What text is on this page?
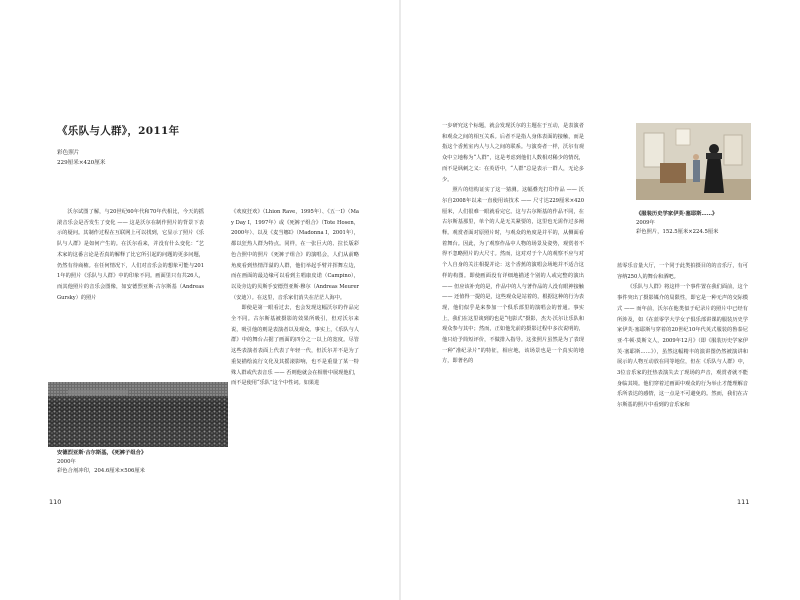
《乐队与人群》，2011年
彩色照片
229厘米×420厘米

沃尔试图了解，与20世纪60年代和70年代相比，今天的摇滚音乐会是否发生了变化 —— 这是沃尔在制作照片的背景下表示的疑问。其制作过程在互联网上可以找到，它显示了照片《乐队与人群》是如何产生的。在沃尔看来，并没有什么变化：“艺术家的这番言论是否真的解释了比它所引起的问题的更多问题，仍然有待商榷。在任何情况下，人们对音乐会的想象可能与2011年的照片《乐队与人群》中的印象不同。画面里只有共26人，而其他照片的音乐会图像，如安德烈亚斯·古尔斯基（Andreas Gursky）的照片

《欢度狂欢》（Lhion Rave，1995年）、《五一I》（May Day I，1997年）或《死裤子组合》（Tote Hosen，2000年）、以及《麦当娜I》（Madonna I，2001年），都以狂热人群为特点。同样，在一张巨大的、拉长版彩色合照中的照片《死裤子组合》的演唱会，人们从前略角度看到热情洋溢的人群，他们举起手臂并挥舞左边，而在画面的最边缘可以看到主唱康皮诺（Campino），以及旁边的贝斯手安德烈亚斯·穆尔（Andreas Meurer（安迪））。在这里，音乐家们消失在茫茫人海中。

即使是第一眼看过去，也会发现这幅沃尔的作品完全不同。古尔斯基被摄影的效果所吸引，但对沃尔来说，吸引他的则是表演者以及观众。事实上，《乐队与人群》中的舞台占据了画面的四分之一以上的宽度。尽管这些表演者表面上代表了年轻一代，但沃尔并不是为了重复描绘流行文化及其摇滚影响，也不是重量了某一特殊人群或代表音乐 —— 否则他就会在相册中展现他们，而不是使用“乐队”这个中性词。如果进

安德烈亚斯·古尔斯基，《死裤子组合》
2000年
彩色合剂冲印，204.6厘米×506厘米
110

一步研究这个标题，就会发现沃尔的主题在于互动，是表演者和观众之间的相互关系。后者不是指人身体表面的接触，而是指这个香蕉室内人与人之间的联系。与演奏者一样，沃尔有观众中立地称为“人群”，这是考虑到他们人数相对稀少的情况，而不是讽刺之义：在英语中，“人群”总是表示一群人，无论多少。

照片的结构证实了这一猜测。这幅叠光打印作品 —— 沃尔自2008年以来一直使用该技术 —— 尺寸达229厘米×420厘米，人们很难一眼就看完它。这与古尔斯基的作品不同，在古尔斯基那里，单个的人是无关紧要的，这里也无需作过多阐释。观赏者面对原照片时，与观众的角度是并平的，从侧面看着舞台。因此，为了观察作品中人物的场景及姿势，观赏者不得不忽略照片的大尺寸。然而，这对对于个人的观察不应与对个人自身的关注相提并论：这个香蕉的演唱会场地并不适合这样的构图。即使画面没有详细地描述个别的人或完整的演出 —— 但应该补充的是，作品中的人与著作品的人没有眼神接触 —— 还值得一提的是，这些观众是站着的，根据这种的行为表现，他们似乎是来参加一个俱乐部里的演唱会的普通。事实上，我们在这里谈到的也是“电影式”摄影，杰夫·沃尔让乐队和观众参与其中；然而，正如他先前的摄影过程中多次说明的，他只给予简短评价，不做排入指导。这张照片虽然是为了表现一种“准纪录片”的特征，相应地，该场景也是一个真实的地方，即著名的

《服装历史学家伊芙·塞耶斯……》
2009年
彩色照片，152.5厘米×224.5厘米

蓝零乐音量大厅，一个同于此类拍摄目的的音乐厅，有可容纳250人的舞台和酒吧。

《乐队与人群》将这样一个事件置在我们面前，这个事件突出了摄影媒介的局限性，即它是一种无声的交际模式 —— 而年前，沃尔在他类似于纪录片的照片中已经有所涉及，如《在蓝零学大学女子俱乐部讲课的服装历史学家伊芙·塞耶斯与穿着的20世纪10年代英式服装的鲁泰尼亚·牛顿·莫斯文人，2009年12月》（即《服装历史学家伊芙·塞耶斯……》），虽然这幅精丰的演讲图仍然被演讲和展示的人物互动放在同等地位，但在《乐队与人群》中，3位音乐家的狂热表演失去了现场的声音，观赏者就不能身临其境。他们穿着过画面中观众的行为举止才能理解音乐所表达的感情，这一点是不可避免的。然而，我们在古尔斯基的照片中看到的音乐家和

111
